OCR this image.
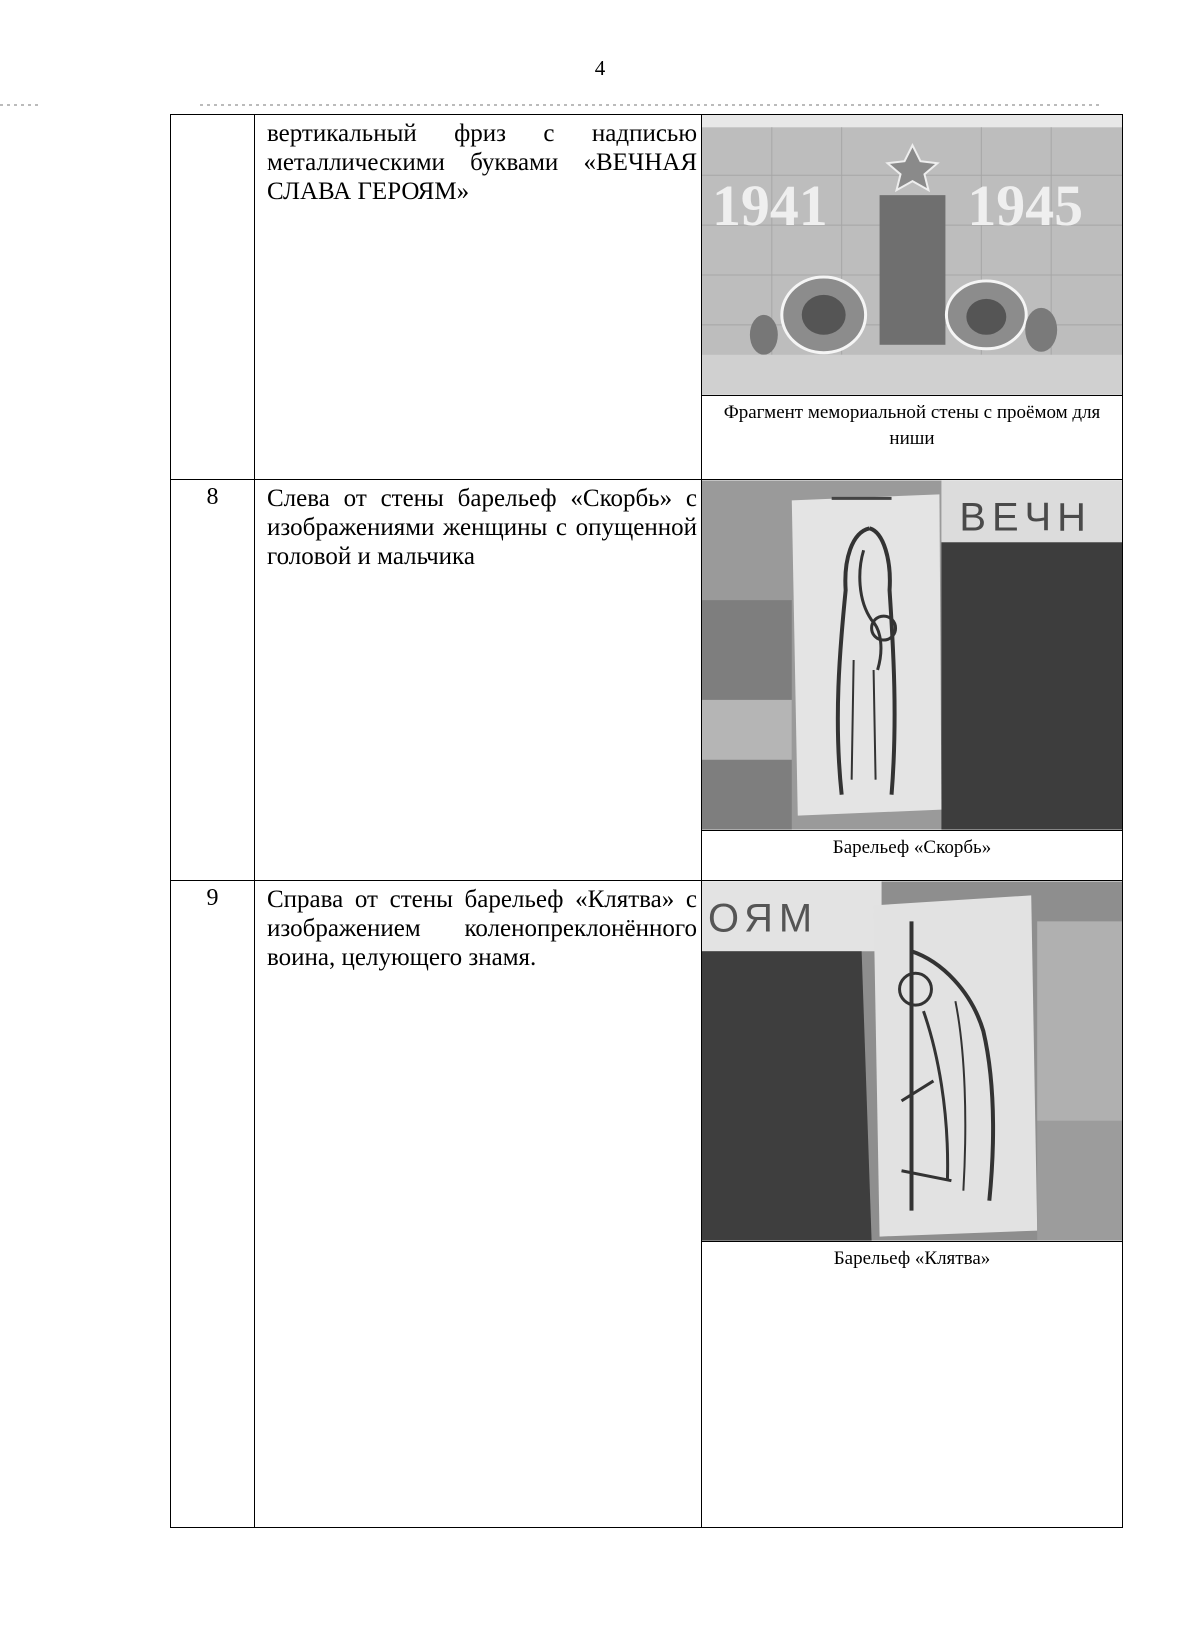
4
	вертикальный фриз с надписью металлическими буквами «ВЕЧНАЯ СЛАВА ГЕРОЯМ»	1941 1945
Фрагмент мемориальной стены с проёмом для ниши

8	Слева от стены барельеф «Скорбь» с изображениями женщины с опущенной головой и мальчика	ВЕЧН
Барельеф «Скорбь»

9	Справа от стены барельеф «Клятва» с изображением коленопреклонённого воина, целующего знамя.	ОЯМ
Барельеф «Клятва»
